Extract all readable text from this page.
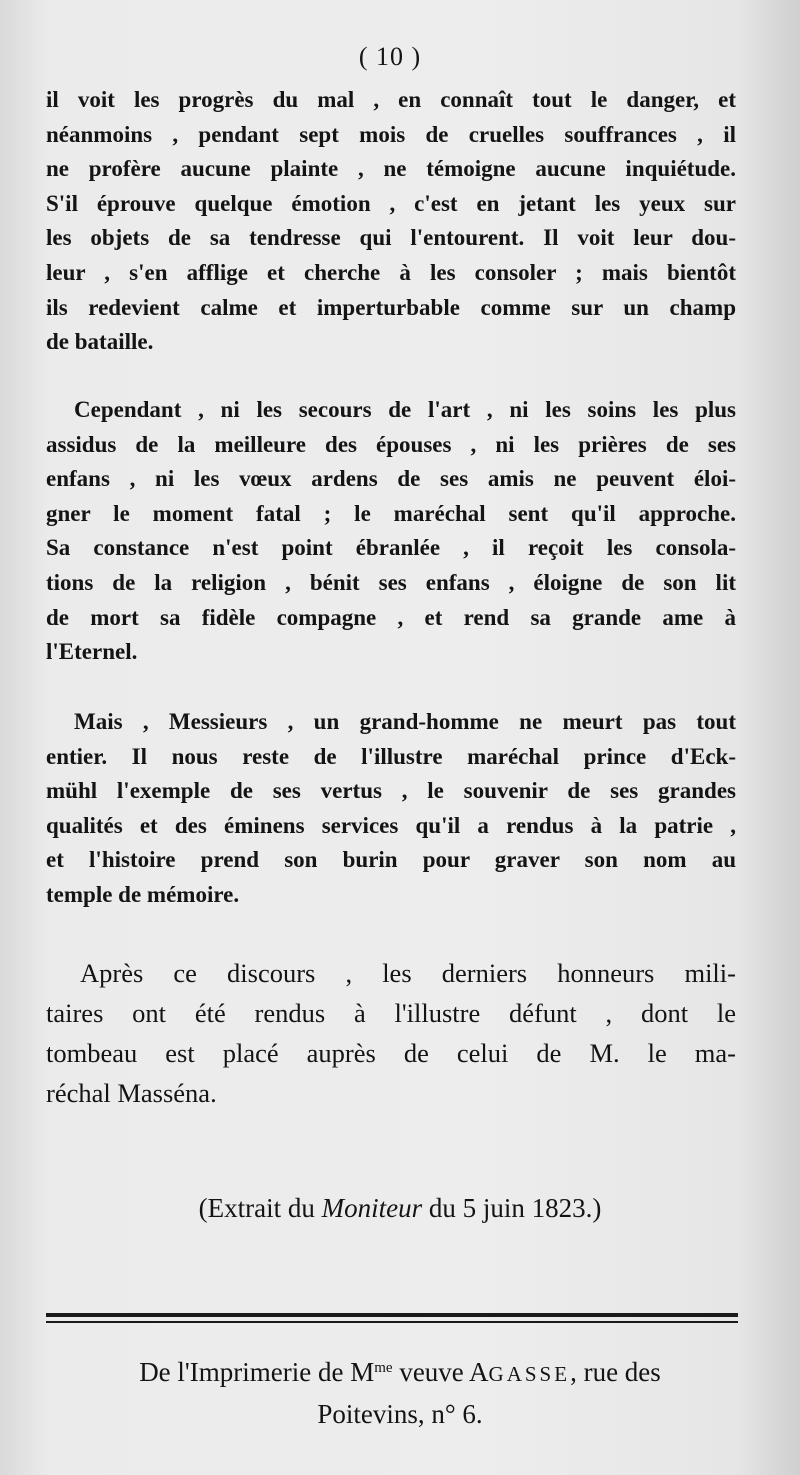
( 10 )
il voit les progrès du mal , en connaît tout le danger, et
néanmoins , pendant sept mois de cruelles souffrances , il
ne profère aucune plainte , ne témoigne aucune inquiétude.
S'il éprouve quelque émotion , c'est en jetant les yeux sur
les objets de sa tendresse qui l'entourent. Il voit leur dou-
leur , s'en afflige et cherche à les consoler ; mais bientôt
ils redevient calme et imperturbable comme sur un champ
de bataille.
Cependant , ni les secours de l'art , ni les soins les plus
assidus de la meilleure des épouses , ni les prières de ses
enfans , ni les vœux ardens de ses amis ne peuvent éloi-
gner le moment fatal ; le maréchal sent qu'il approche.
Sa constance n'est point ébranlée , il reçoit les consola-
tions de la religion , bénit ses enfans , éloigne de son lit
de mort sa fidèle compagne , et rend sa grande ame à
l'Eternel.
Mais , Messieurs , un grand-homme ne meurt pas tout
entier. Il nous reste de l'illustre maréchal prince d'Eck-
mühl l'exemple de ses vertus , le souvenir de ses grandes
qualités et des éminens services qu'il a rendus à la patrie ,
et l'histoire prend son burin pour graver son nom au
temple de mémoire.
Après ce discours , les derniers honneurs mili-
taires ont été rendus à l'illustre défunt , dont le
tombeau est placé auprès de celui de M. le ma-
réchal Masséna.
(Extrait du Moniteur du 5 juin 1823.)
De l'Imprimerie de $M^{me}$ veuve AGASSE, rue des
Poitevins, n° 6.
